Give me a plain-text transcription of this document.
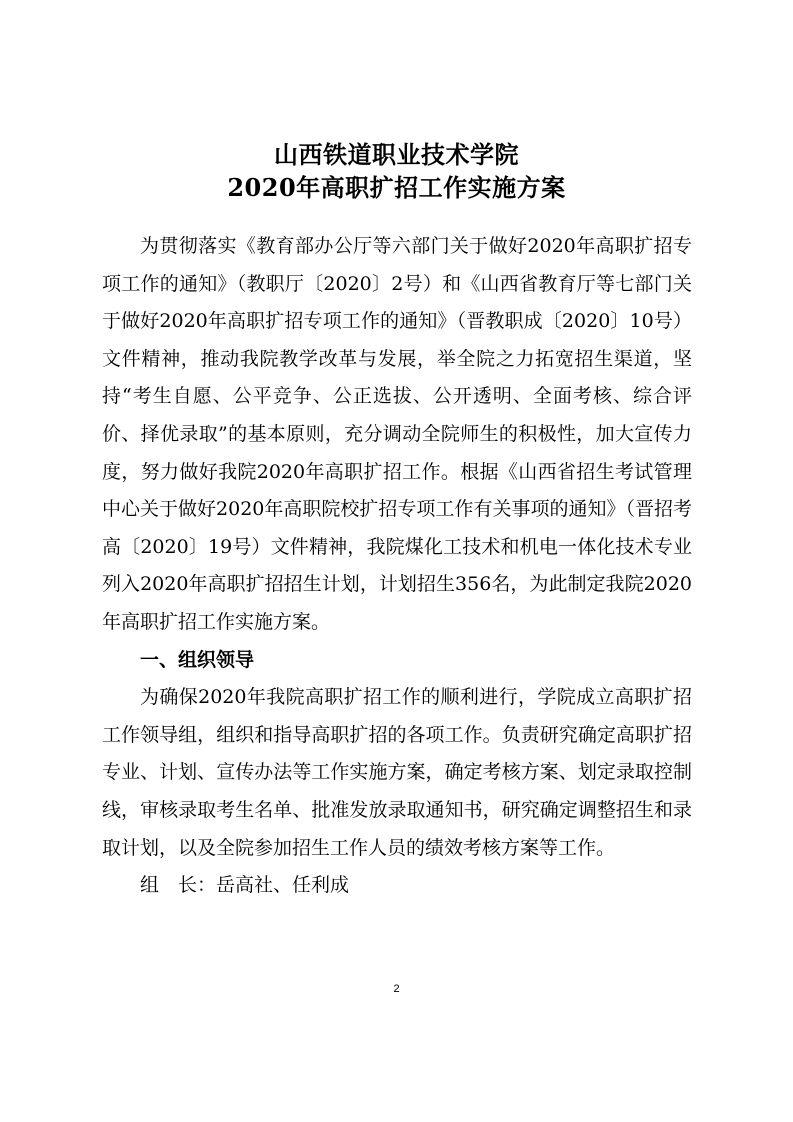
山西铁道职业技术学院
2020年高职扩招工作实施方案

为贯彻落实《教育部办公厅等六部门关于做好2020年高职扩招专项工作的通知》（教职厅〔2020〕2号）和《山西省教育厅等七部门关于做好2020年高职扩招专项工作的通知》（晋教职成〔2020〕10号）文件精神，推动我院教学改革与发展，举全院之力拓宽招生渠道，坚持“考生自愿、公平竞争、公正选拔、公开透明、全面考核、综合评价、择优录取”的基本原则，充分调动全院师生的积极性，加大宣传力度，努力做好我院2020年高职扩招工作。根据《山西省招生考试管理中心关于做好2020年高职院校扩招专项工作有关事项的通知》（晋招考高〔2020〕19号）文件精神，我院煤化工技术和机电一体化技术专业列入2020年高职扩招招生计划，计划招生356名，为此制定我院2020年高职扩招工作实施方案。

一、组织领导

为确保2020年我院高职扩招工作的顺利进行，学院成立高职扩招工作领导组，组织和指导高职扩招的各项工作。负责研究确定高职扩招专业、计划、宣传办法等工作实施方案，确定考核方案、划定录取控制线，审核录取考生名单、批准发放录取通知书，研究确定调整招生和录取计划，以及全院参加招生工作人员的绩效考核方案等工作。

组　长：岳高社、任利成

2
